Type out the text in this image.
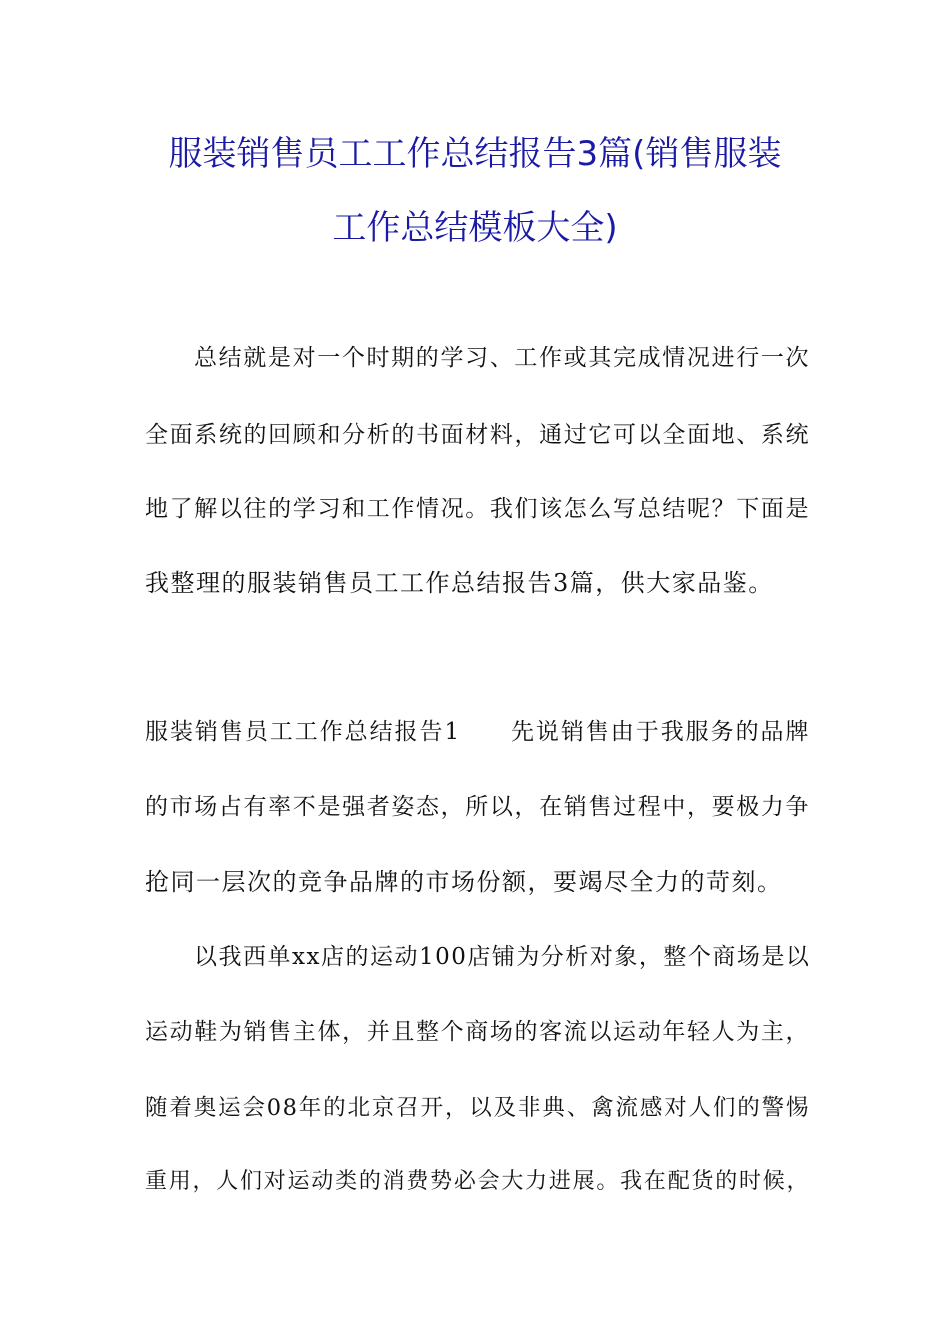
服装销售员工工作总结报告3篇(销售服装
工作总结模板大全)
总结就是对一个时期的学习、工作或其完成情况进行一次
全面系统的回顾和分析的书面材料，通过它可以全面地、系统
地了解以往的学习和工作情况。我们该怎么写总结呢？下面是
我整理的服装销售员工工作总结报告3篇，供大家品鉴。
服装销售员工工作总结报告1　　先说销售由于我服务的品牌
的市场占有率不是强者姿态，所以，在销售过程中，要极力争
抢同一层次的竞争品牌的市场份额，要竭尽全力的苛刻。
以我西单xx店的运动100店铺为分析对象，整个商场是以
运动鞋为销售主体，并且整个商场的客流以运动年轻人为主，
随着奥运会08年的北京召开，以及非典、禽流感对人们的警惕
重用，人们对运动类的消费势必会大力进展。我在配货的时候，
